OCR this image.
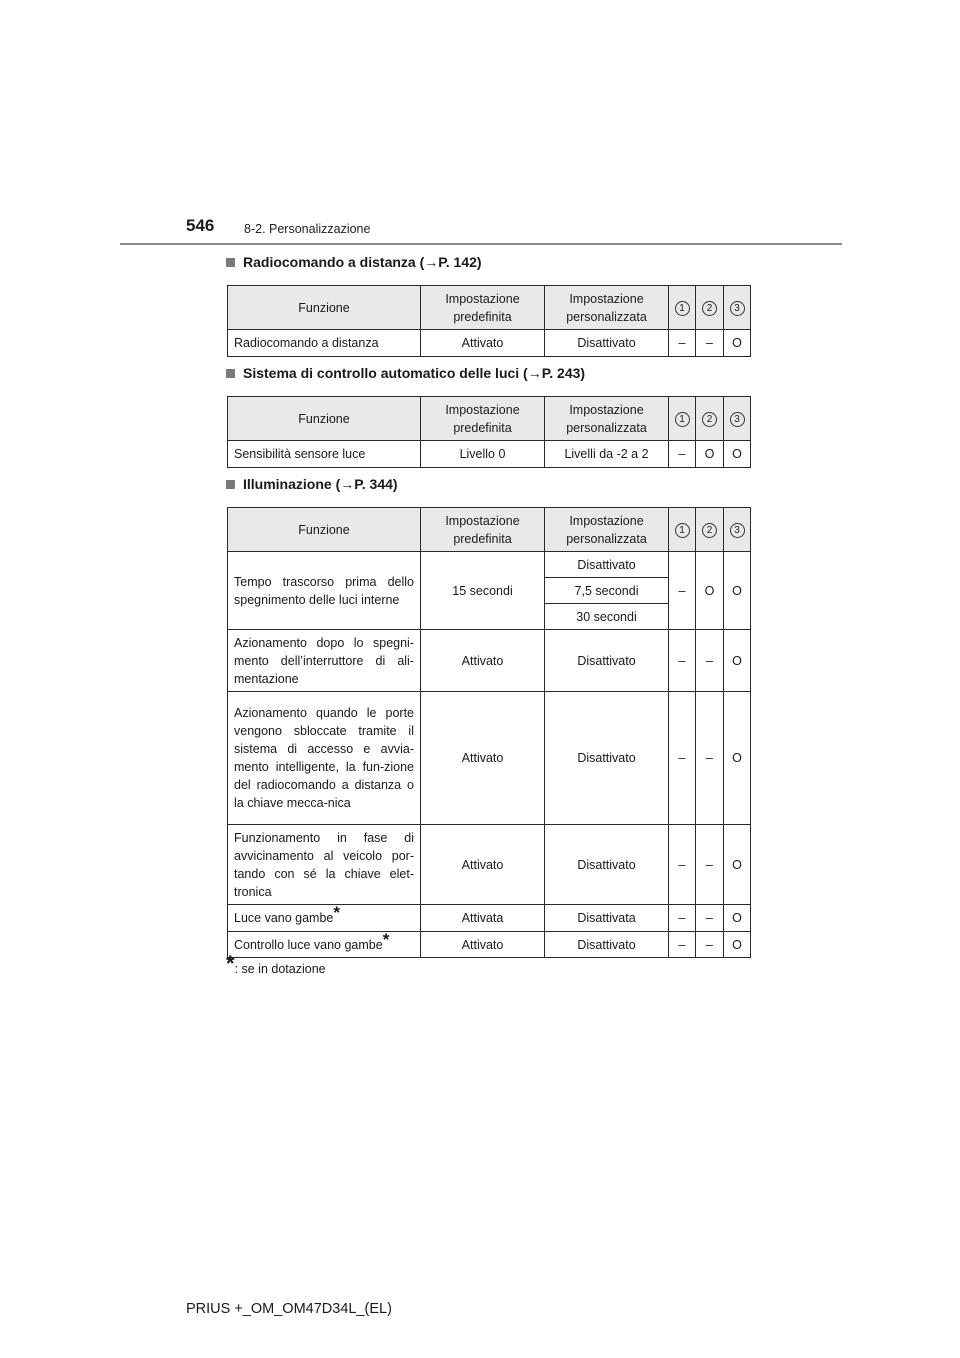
546 8-2. Personalizzazione
Radiocomando a distanza (→P. 142)
Funzione	Impostazione predefinita	Impostazione personalizzata	1	2	3
Radiocomando a distanza	Attivato	Disattivato	–	–	O
Sistema di controllo automatico delle luci (→P. 243)
Funzione	Impostazione predefinita	Impostazione personalizzata	1	2	3
Sensibilità sensore luce	Livello 0	Livelli da -2 a 2	–	O	O
Illuminazione (→P. 344)
Funzione	Impostazione predefinita	Impostazione personalizzata	1	2	3
Tempo trascorso prima dello spegnimento delle luci interne	15 secondi	Disattivato	–	O	O
		7,5 secondi			
		30 secondi			
Azionamento dopo lo spegni-mento dell’interruttore di ali-mentazione	Attivato	Disattivato	–	–	O
Azionamento quando le porte vengono sbloccate tramite il sistema di accesso e avvia-mento intelligente, la fun-zione del radiocomando a distanza o la chiave mecca-nica	Attivato	Disattivato	–	–	O
Funzionamento in fase di avvicinamento al veicolo por-tando con sé la chiave elet-tronica	Attivato	Disattivato	–	–	O
Luce vano gambe*	Attivata	Disattivata	–	–	O
Controllo luce vano gambe*	Attivato	Disattivato	–	–	O
*: se in dotazione
PRIUS +_OM_OM47D34L_(EL)
